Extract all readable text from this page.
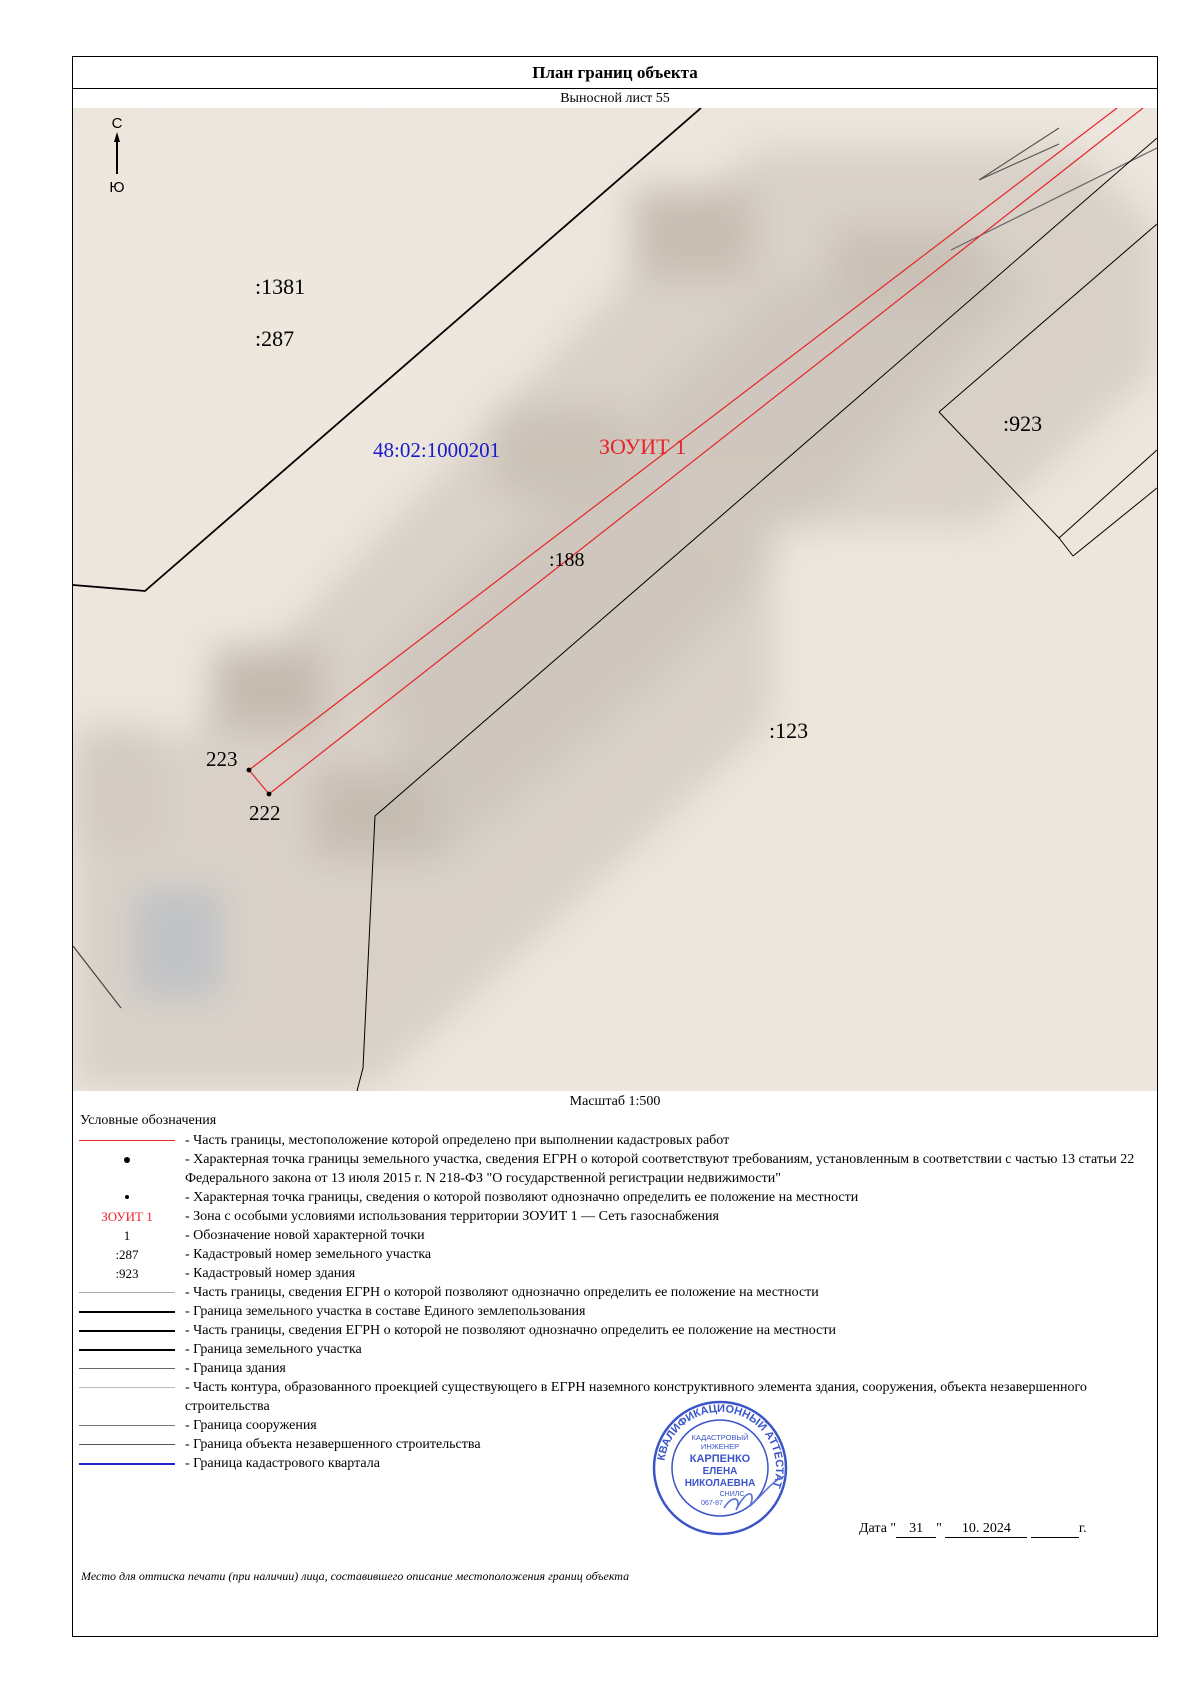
План границ объекта
Выносной лист 55
С
Ю
:1381
:287
48:02:1000201	ЗОУИТ 1
:188
:923
:123
223
222
Масштаб 1:500
Условные обозначения
- Часть границы, местоположение которой определено при выполнении кадастровых работ
- Характерная точка границы земельного участка, сведения ЕГРН о которой соответствуют требованиям, установленным в соответствии с частью 13 статьи 22 Федерального закона от 13 июля 2015 г. N 218-ФЗ "О государственной регистрации недвижимости"
- Характерная точка границы, сведения о которой позволяют однозначно определить ее положение на местности
ЗОУИТ 1	- Зона с особыми условиями использования территории ЗОУИТ 1 — Сеть газоснабжения
1	- Обозначение новой характерной точки
:287	- Кадастровый номер земельного участка
:923	- Кадастровый номер здания
- Часть границы, сведения ЕГРН о которой позволяют однозначно определить ее положение на местности
- Граница земельного участка в составе Единого землепользования
- Часть границы, сведения ЕГРН о которой не позволяют однозначно определить ее положение на местности
- Граница земельного участка
- Граница здания
- Часть контура, образованного проекцией существующего в ЕГРН наземного конструктивного элемента здания, сооружения, объекта незавершенного строительства
- Граница сооружения
- Граница объекта незавершенного строительства
- Граница кадастрового квартала
Дата " 31 " 10. 2024	г.
Место для оттиска печати (при наличии) лица, составившего описание местоположения границ объекта
КВАЛИФИКАЦИОННЫЙ АТТЕСТАТ
КАДАСТРОВЫЙ
ИНЖЕНЕР
КАРПЕНКО
ЕЛЕНА
НИКОЛАЕВНА
СНИЛС
067-87
